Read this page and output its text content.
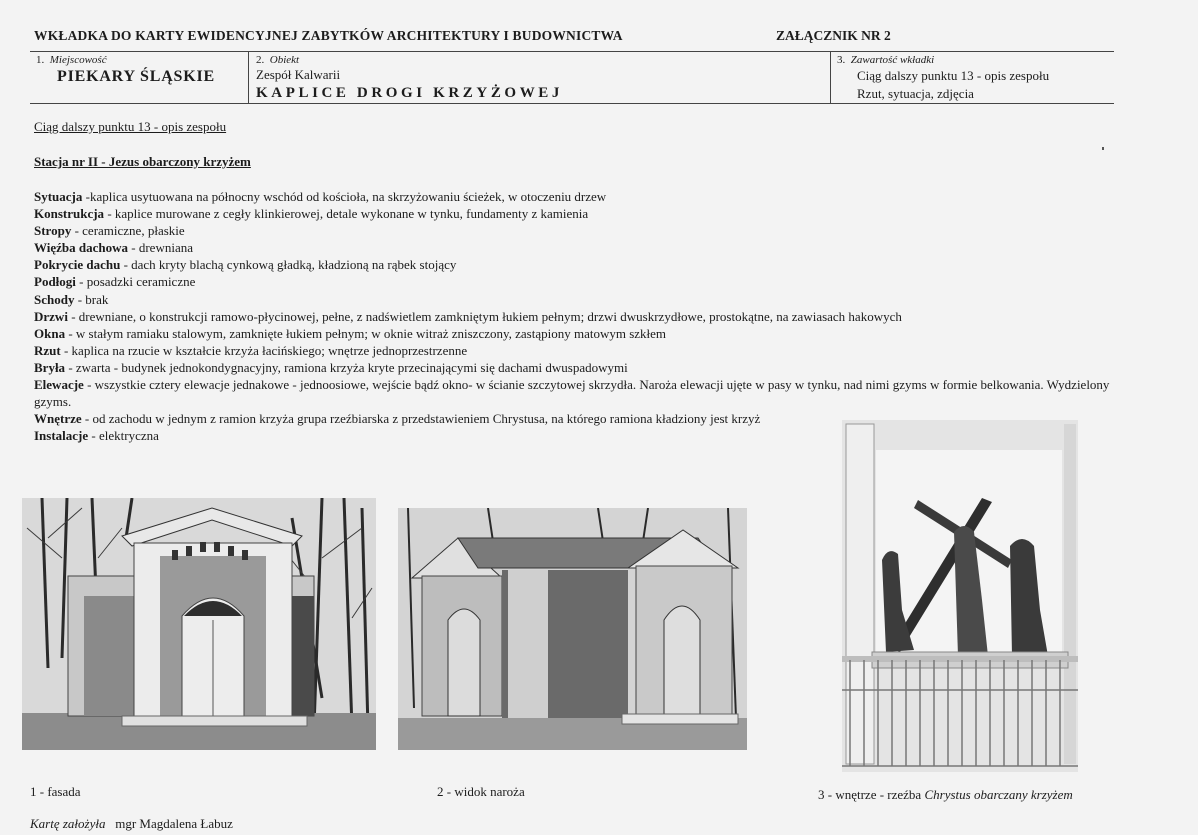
WKŁADKA DO KARTY EWIDENCYJNEJ ZABYTKÓW ARCHITEKTURY I BUDOWNICTWA	ZAŁĄCZNIK NR 2
1. Miejscowość
PIEKARY ŚLĄSKIE
2. Obiekt
Zespół Kalwarii
KAPLICE DROGI KRZYŻOWEJ
3. Zawartość wkładki
Ciąg dalszy punktu 13 - opis zespołu
Rzut, sytuacja, zdjęcia
Ciąg dalszy punktu 13 - opis zespołu
Stacja nr II - Jezus obarczony krzyżem
Sytuacja -kaplica usytuowana na północny wschód od kościoła, na skrzyżowaniu ścieżek, w otoczeniu drzew
Konstrukcja - kaplice murowane z cegły klinkierowej, detale wykonane w tynku, fundamenty z kamienia
Stropy - ceramiczne, płaskie
Więźba dachowa - drewniana
Pokrycie dachu - dach kryty blachą cynkową gładką, kładzioną na rąbek stojący
Podłogi - posadzki ceramiczne
Schody - brak
Drzwi - drewniane, o konstrukcji ramowo-płycinowej, pełne, z nadświetlem zamkniętym łukiem pełnym; drzwi dwuskrzydłowe, prostokątne, na zawiasach hakowych
Okna - w stałym ramiaku stalowym, zamknięte łukiem pełnym; w oknie witraż zniszczony, zastąpiony matowym szkłem
Rzut - kaplica na rzucie w kształcie krzyża łacińskiego; wnętrze jednoprzestrzenne
Bryła - zwarta - budynek jednokondygnacyjny, ramiona krzyża kryte przecinającymi się dachami dwuspadowymi
Elewacje - wszystkie cztery elewacje jednakowe - jednoosiowe, wejście bądź okno- w ścianie szczytowej skrzydła. Naroża elewacji ujęte w pasy w tynku, nad nimi gzyms w formie belkowania. Wydzielony gzyms.
Wnętrze - od zachodu w jednym z ramion krzyża grupa rzeźbiarska z przedstawieniem Chrystusa, na którego ramiona kładziony jest krzyż
Instalacje - elektryczna
1 - fasada	2 - widok naroża	3 - wnętrze - rzeźba Chrystus obarczany krzyżem
Kartę założyła mgr Magdalena Łabuz
